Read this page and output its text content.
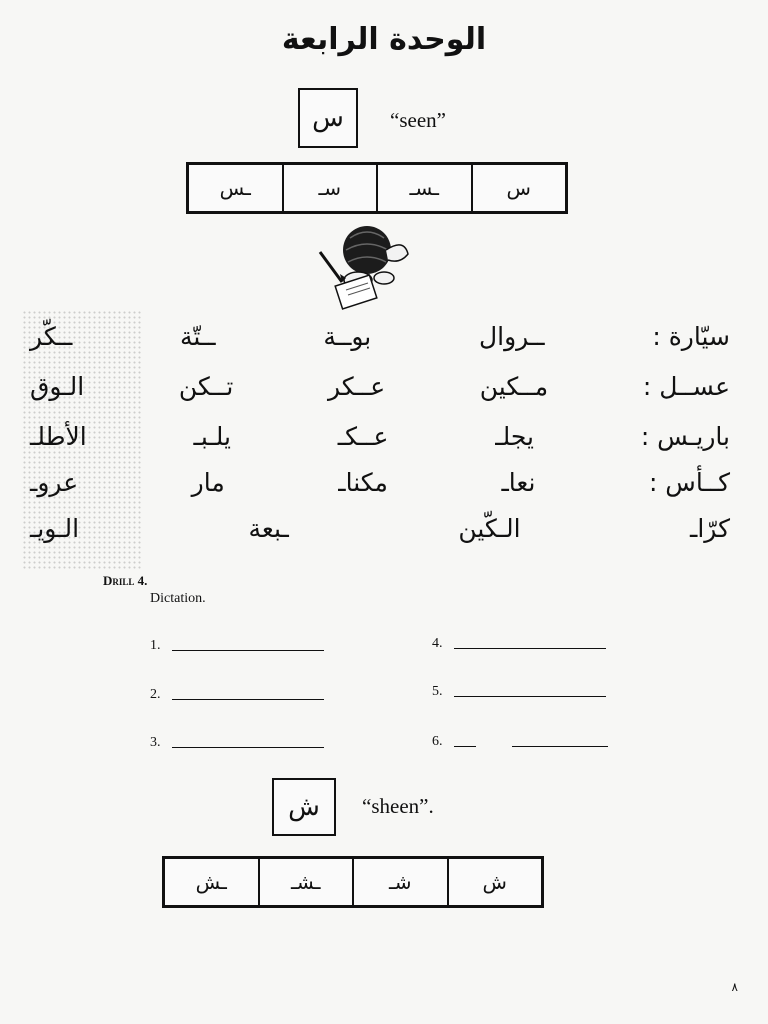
الوحدة الرابعة
س “seen”
س
ـسـ
سـ
ـس
سيّارة :
ــروال
بوــة
ــتّة
ــكّر
عســل :
مــكين
عــكر
تــكن
الـوق
باريـس :
يجلـ
عــكـ
يلـبـ
الأطلـ
كــأس :
نعاـ
مكناـ
مار
عروـ
كرّاـ
الـكّين
ـبعة
الـويـ
Drill 4.
Dictation.
1.
2.
3.
4.
5.
6.
ش “sheen”.
ش
شـ
ـشـ
ـش
٨
